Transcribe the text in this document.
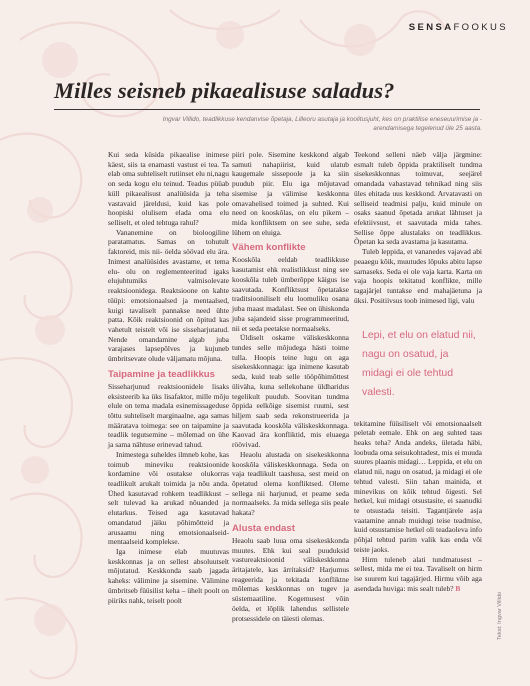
SENSAFOOKUS
Milles seisneb pikaealisuse saladus?
Ingvar Villido, teadlikkuse kendanvise õpetaja, Lilleoru asutaja ja koolitusjuht, kes on praktilise eneseuurimise ja -arendamisega tegelenud üle 25 aasta.

Kui seda küsida pikaealise inimese käest, siis ta enamasti vastust ei tea. Ta elab oma suhteliselt rutiinset elu ni,nagu on seda kogu elu teinud. Teadus püüab küll pikaealisust analüüsida ja teha vastavaid järeldusi, kuid kas pole hoopiski olulisem elada oma elu selliselt, et oled tehtuga rahul?

Vananemine on bioloogiline paratamatus. Samas on tohutult faktoreid, mis nii- öelda söövad elu ära. Inimest analüüsides avastame, et tema elu- olu on reglementeeritud igaks elujuhtumiks valmisolevate reaktsioonidega. Reaktsioone on kahte tüüpi: emotsionaalsed ja mentaalsed, kuigi tavaliselt pannakse need ühte patta. Kõik reaktsioonid on õpitud kas vahetult teistelt või ise sisseharjutatud. Nende omandamine algab juba varajases lapsepõlves ja kujuneb ümbritsevate olude väljamatu mõjuna.

Taipamine ja teadlikkus

Sisseharjunud reaktsioonidele lisaks eksisteerib ka üks lisafaktor, mille mõju elule on tema madala esinemissageduse tõttu suhteliselt marginaalne, aga samas määratava toimega: see on taipamine ja teadlik tegutsemine – mõlemad on ühe ja sama nähtuse erinevad tahud.

Inimestega suheldes ilmneb kohe, kas toimub mineviku reaktsioonide kordamine või osutakse olukorras teadlikult arukalt toimida ja nõu anda. Ühed kasutavad rohkem teadlikkust – selt tulevad ka arukad nõuanded ja elutarkus. Teised aga kasutavad omandatud jäiku põhimõtteid ja arusaamu ning emotsionaalseid-mentaalseid komplekse.

Iga inimese elab muutuvas keskkonnas ja on sellest absoluutselt mõjutatud. Keskkonda saab jagada kaheks: välimine ja sisemine. Välimine ümbritseb füüsilist keha – ühelt poolt on piiriks nahk, teiselt poolt

piiri pole. Sisemine keskkond algab samuti nahapiirist, kuid ulatub kaugemale sissepoole ja ka siin puudub piir. Elu iga mõjutavad sisemise ja välimise keskkonna omavahelised toimed ja suhted. Kui need on kooskõlas, on elu pikem – mida konfliktsem on see suhe, seda lühem on eluiga.

Vähem konflikte

Kooskõla eeldab teadlikkuse kasutamist ehk realistlikkust ning see kooskõla tuleb ümberõppe käigus ise saavutada. Konfliktsust õpetatakse traditsiooniliselt elu loomuliku osana juba maast madalast. See on ühiskonda juba sajandeid sisse programmeeritud, nii et seda peetakse normaalseks.

Üldiselt oskame väliskeskkonna tundes selle mõjudega hästi toime tulla. Hoopis teine lugu on aga sisekeskkonnaga: iga inimene kasutab seda, kuid teab selle tööpõhimõttest üliväha, kuna sellekohane üldharidus tegelikult puudub. Soovitan tundma õppida eelkõige sisemist ruumi, sest hiljem saab seda rekonstrueerida ja saavutada kooskõla väliskeskkonnaga. Kaovad ära konfliktid, mis eluaega röövivad.

Heaolu alustada on sisekeskkonna kooskõla väliskeskkonnaga. Seda on vaja teadlikult taashusa, sest meid on õpetatud olema konfliktsed. Oleme sellega nii harjunud, et peame seda normaalseks. Ja mida sellega siis peale hakata?

Alusta endast

Heaolu saab luua oma sisekeskkonda muutes. Ehk kui seal puuduksid vastureaktsioonid väliskeskkonna äritajatele, kas ärritaksid? Harjumus reageerida ja tekitada konfliktne mõlemas keskkonnas on tugev ja süstemaatiline. Kogemusest võin öelda, et lõplik lahendus sellistele protsessidele on täiesti olemas.

Teekond selleni näeb välja järgmine: esmalt tuleb õppida praktiliselt tundma sisekeskkonnas toimuvat, seejärel omandada vabastavad tehnikad ning siis üles ehitada uus keskkond. Arvatavasti on selliseid teadmisi palju, kuid minule on osaks saanud õpetada arukat lähtuset ja efektiivsust, et saavutada mida tahes. Sellise õppe alustalaks on teadlikkus. Õpetan ka seda avastama ja kasutama.

Tuleb leppida, et vananedes vajavad abi peaaegu kõik, muutudes lõpuks abitu lapse sarnaseks. Seda ei ole vaja karta. Karta on vaja hoopis tekitatud konflikte, mille tagajärjel tuntakse end mahajäetuna ja üksi. Positiivsus toob inimesed ligi, valu

Lepi, et elu on elatud nii, nagu on osatud, ja midagi ei ole tehtud valesti.

tekitamine füüsiliselt või emotsionaalselt peletab eemale. Ehk on aeg suhted taas heaks teha? Anda andeks, ületada häbi, loobuda oma seisukohtadest, mis ei muuda suures plaanis midagi… Leppida, et elu on elatud nii, nagu on osatud, ja midagi ei ole tehtud valesti. Siin tahan mainida, et minevikus on kõik tehtud õigesti. Sel hetkel, kui midagi otsustasite, ei saanudki te otsustada teisiti. Tagantjärele asja vaatamine annab muidugi teise teadmise, kuid otsustamise hetkel oli teadaoleva info põhjal tehtud parim valik kas enda või teiste jaoks.

Hirm tuleneb alati tundmatusest – sellest, mida me ei tea. Tavaliselt on hirm ise suurem kui tagajärjed. Hirmu võib aga asendada huviga: mis sealt tuleb? B

Tekst: Ingvar Villido
